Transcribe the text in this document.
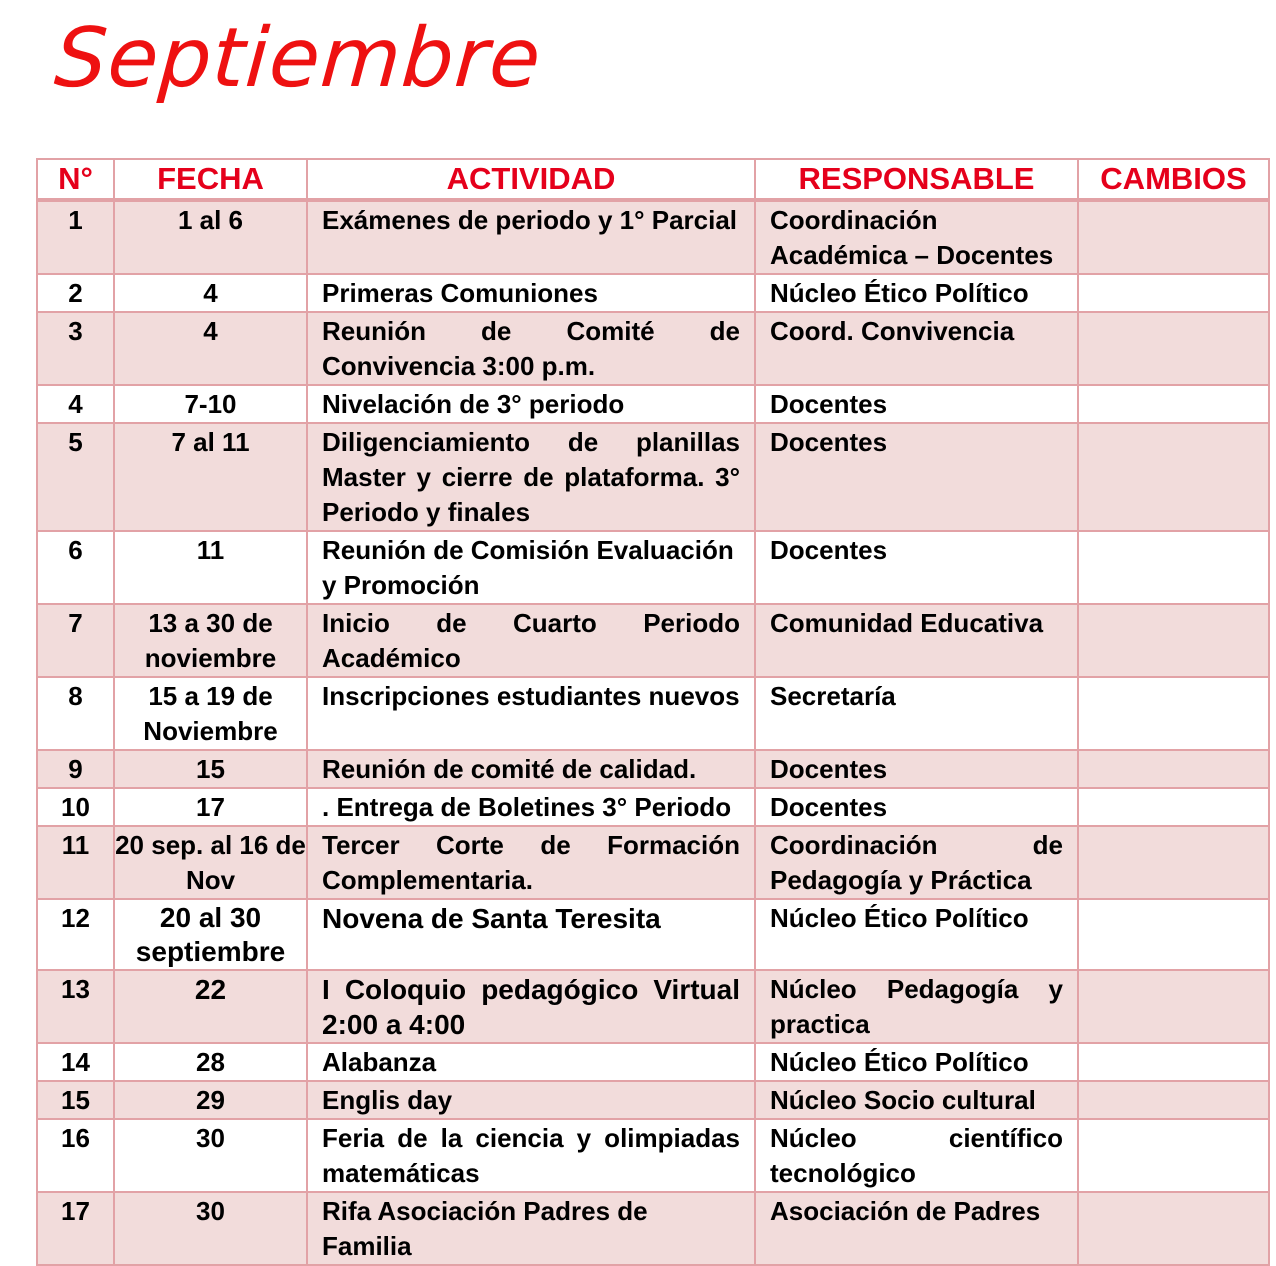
Septiembre
N°	FECHA	ACTIVIDAD	RESPONSABLE	CAMBIOS
1	1 al 6	Exámenes de periodo y 1° Parcial	Coordinación Académica – Docentes	
2	4	Primeras Comuniones	Núcleo Ético Político	
3	4	Reunión de Comité de Convivencia 3:00 p.m.	Coord. Convivencia	
4	7-10	Nivelación de 3° periodo	Docentes	
5	7 al 11	Diligenciamiento de planillas Master y cierre de plataforma. 3° Periodo y finales	Docentes	
6	11	Reunión de Comisión Evaluación y Promoción	Docentes	
7	13 a 30 de noviembre	Inicio de Cuarto Periodo Académico	Comunidad Educativa	
8	15 a 19 de Noviembre	Inscripciones estudiantes nuevos	Secretaría	
9	15	Reunión de comité de calidad.	Docentes	
10	17	. Entrega de Boletines 3° Periodo	Docentes	
11	20 sep. al 16 de Nov	Tercer Corte de Formación Complementaria.	Coordinación de Pedagogía y Práctica	
12	20 al 30 septiembre	Novena de Santa Teresita	Núcleo Ético Político	
13	22	I Coloquio pedagógico Virtual 2:00 a 4:00	Núcleo Pedagogía y practica	
14	28	Alabanza	Núcleo Ético Político	
15	29	Englis day	Núcleo Socio cultural	
16	30	Feria de la ciencia y olimpiadas matemáticas	Núcleo científico tecnológico	
17	30	Rifa Asociación Padres de Familia	Asociación de Padres	
